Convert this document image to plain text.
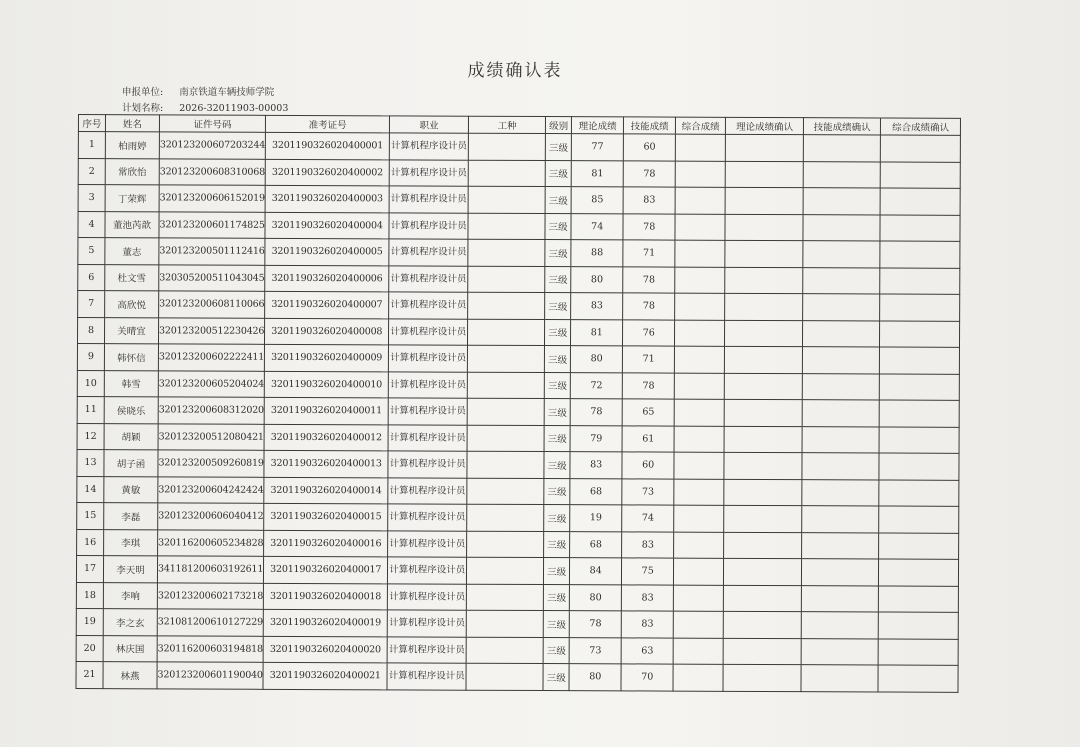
成绩确认表
申报单位: 南京铁道车辆技师学院
计划名称: 2026-32011903-00003
序号	姓名	证件号码	准考证号	职业	工种	级别	理论成绩	技能成绩	综合成绩	理论成绩确认	技能成绩确认	综合成绩确认
1	柏雨婷	320123200607203244	3201190326020400001	计算机程序设计员		三级	77	60				
2	常欣怡	320123200608310068	3201190326020400002	计算机程序设计员		三级	81	78				
3	丁荣辉	320123200606152019	3201190326020400003	计算机程序设计员		三级	85	83				
4	董池芮歆	320123200601174825	3201190326020400004	计算机程序设计员		三级	74	78				
5	董志	320123200501112416	3201190326020400005	计算机程序设计员		三级	88	71				
6	杜文雪	320305200511043045	3201190326020400006	计算机程序设计员		三级	80	78				
7	高欣悦	320123200608110066	3201190326020400007	计算机程序设计员		三级	83	78				
8	关晴宜	320123200512230426	3201190326020400008	计算机程序设计员		三级	81	76				
9	韩怀信	320123200602222411	3201190326020400009	计算机程序设计员		三级	80	71				
10	韩雪	320123200605204024	3201190326020400010	计算机程序设计员		三级	72	78				
11	侯晓乐	320123200608312020	3201190326020400011	计算机程序设计员		三级	78	65				
12	胡颖	320123200512080421	3201190326020400012	计算机程序设计员		三级	79	61				
13	胡子函	320123200509260819	3201190326020400013	计算机程序设计员		三级	83	60				
14	黄敏	320123200604242424	3201190326020400014	计算机程序设计员		三级	68	73				
15	李磊	320123200606040412	3201190326020400015	计算机程序设计员		三级	19	74				
16	李琪	320116200605234828	3201190326020400016	计算机程序设计员		三级	68	83				
17	李天明	341181200603192611	3201190326020400017	计算机程序设计员		三级	84	75				
18	李响	320123200602173218	3201190326020400018	计算机程序设计员		三级	80	83				
19	李之玄	321081200610127229	3201190326020400019	计算机程序设计员		三级	78	83				
20	林庆国	320116200603194818	3201190326020400020	计算机程序设计员		三级	73	63				
21	林燕	320123200601190040	3201190326020400021	计算机程序设计员		三级	80	70				
